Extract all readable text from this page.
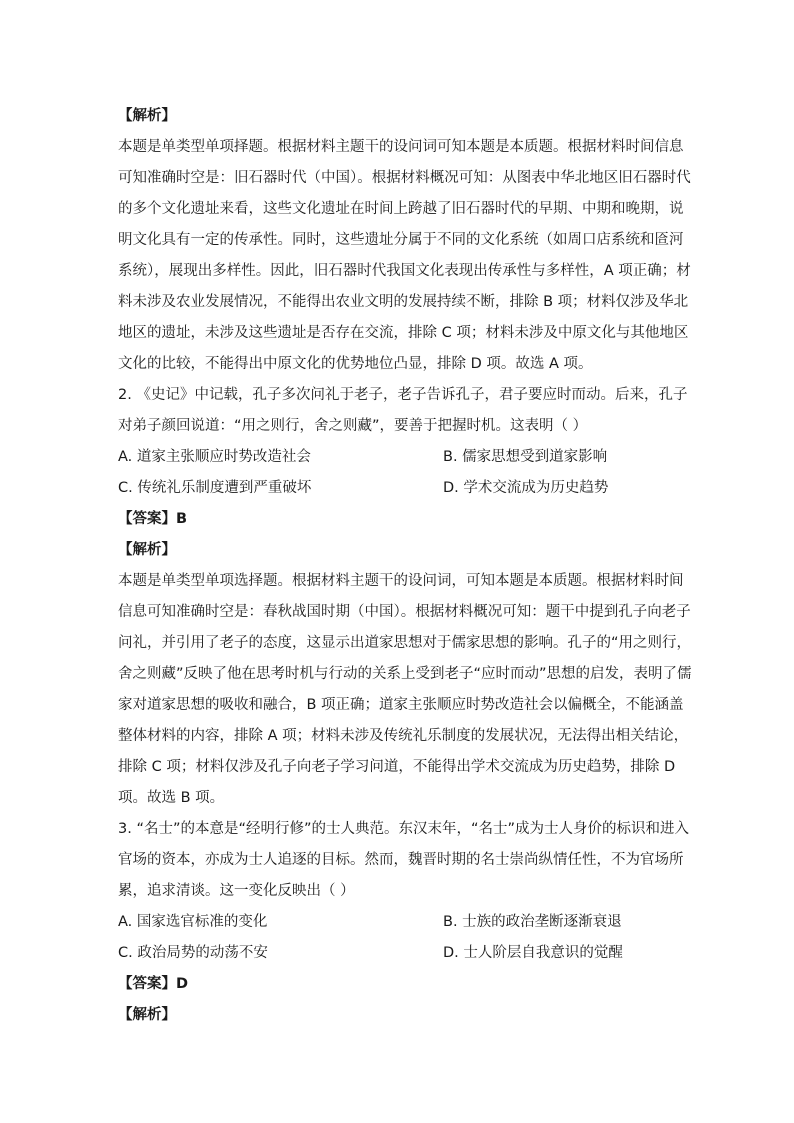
【解析】
本题是单类型单项择题。根据材料主题干的设问词可知本题是本质题。根据材料时间信息
可知准确时空是：旧石器时代（中国）。根据材料概况可知：从图表中华北地区旧石器时代
的多个文化遗址来看，这些文化遗址在时间上跨越了旧石器时代的早期、中期和晚期，说
明文化具有一定的传承性。同时，这些遗址分属于不同的文化系统（如周口店系统和匼河
系统），展现出多样性。因此，旧石器时代我国文化表现出传承性与多样性，A 项正确；材
料未涉及农业发展情况，不能得出农业文明的发展持续不断，排除 B 项；材料仅涉及华北
地区的遗址，未涉及这些遗址是否存在交流，排除 C 项；材料未涉及中原文化与其他地区
文化的比较，不能得出中原文化的优势地位凸显，排除 D 项。故选 A 项。
2. 《史记》中记载，孔子多次问礼于老子，老子告诉孔子，君子要应时而动。后来，孔子
对弟子颜回说道：“用之则行，舍之则藏”，要善于把握时机。这表明（ ）
A. 道家主张顺应时势改造社会	B. 儒家思想受到道家影响
C. 传统礼乐制度遭到严重破坏	D. 学术交流成为历史趋势
【答案】B
【解析】
本题是单类型单项选择题。根据材料主题干的设问词，可知本题是本质题。根据材料时间
信息可知准确时空是：春秋战国时期（中国）。根据材料概况可知：题干中提到孔子向老子
问礼，并引用了老子的态度，这显示出道家思想对于儒家思想的影响。孔子的“用之则行，
舍之则藏”反映了他在思考时机与行动的关系上受到老子“应时而动”思想的启发，表明了儒
家对道家思想的吸收和融合，B 项正确；道家主张顺应时势改造社会以偏概全，不能涵盖
整体材料的内容，排除 A 项；材料未涉及传统礼乐制度的发展状况，无法得出相关结论，
排除 C 项；材料仅涉及孔子向老子学习问道，不能得出学术交流成为历史趋势，排除 D
项。故选 B 项。
3. “名士”的本意是“经明行修”的士人典范。东汉末年，“名士”成为士人身价的标识和进入
官场的资本，亦成为士人追逐的目标。然而，魏晋时期的名士崇尚纵情任性，不为官场所
累，追求清谈。这一变化反映出（ ）
A. 国家选官标准的变化	B. 士族的政治垄断逐渐衰退
C. 政治局势的动荡不安	D. 士人阶层自我意识的觉醒
【答案】D
【解析】
